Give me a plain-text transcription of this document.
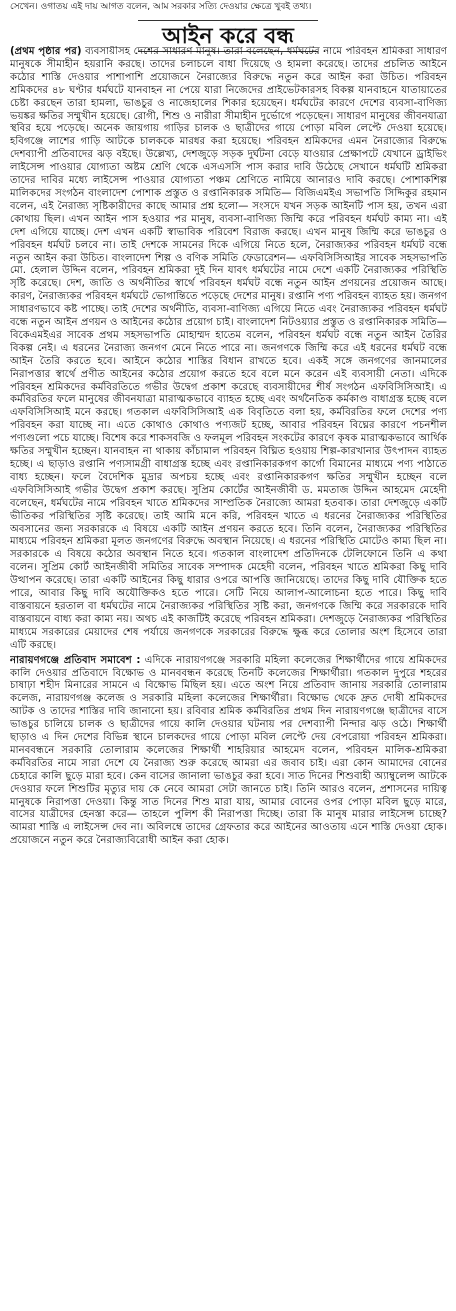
সেখেন। ওগাতয় এই দায় আগত বলেন, আম সরকার সত্যি দেওয়ার ক্ষেত্রে খুবই তথ্য।
আইন করে বন্ধ

(প্রথম পৃষ্ঠার পর) ব্যবসায়ীসহ দেশের সাধারণ মানুষ। তারা বলেছেন, ধর্মঘটের নামে পরিবহন শ্রমিকরা সাধারণ মানুষকে সীমাহীন হয়রানি করছে। তাদের চলাচলে বাধা দিয়েছে ও হামলা করেছে। তাদের প্রচলিত আইনে কঠোর শাস্তি দেওয়ার পাশাপাশি প্রয়োজনে নৈরাজ্যের বিরুদ্ধে নতুন করে আইন করা উচিত। পরিবহন শ্রমিকদের ৪৮ ঘণ্টার ধর্মঘটে যানবাহন না পেয়ে যারা নিজেদের প্রাইভেটকারসহ বিকল্প যানবাহনে যাতায়াতের চেষ্টা করছেন তারা হামলা, ভাঙচুর ও নাজেহালের শিকার হয়েছেন। ধর্মঘটের কারণে দেশের ব্যবসা-বাণিজ্য ভয়ঙ্কর ক্ষতির সম্মুখীন হয়েছে। রোগী, শিশু ও নারীরা সীমাহীন দুর্ভোগে পড়েছেন। সাধারণ মানুষের জীবনযাত্রা স্থবির হয়ে পড়েছে। অনেক জায়গায় গাড়ির চালক ও ছাত্রীদের গায়ে পোড়া মবিল লেপ্টে দেওয়া হয়েছে। হবিগঞ্জে লাশের গাড়ি আটকে চালককে মারধর করা হয়েছে। পরিবহন শ্রমিকদের এমন নৈরাজ্যের বিরুদ্ধে দেশব্যাপী প্রতিবাদের ঝড় বইছে। উল্লেখ্য, দেশজুড়ে সড়ক দুর্ঘটনা বেড়ে যাওয়ার প্রেক্ষাপটে যেখানে ড্রাইভিং লাইসেন্স পাওয়ার যোগ্যতা অষ্টম শ্রেণি থেকে এসএসসি পাস করার দাবি উঠেছে সেখানে ধর্মঘটি শ্রমিকরা তাদের দাবির মধ্যে লাইসেন্স পাওয়ার যোগ্যতা পঞ্চম শ্রেণিতে নামিয়ে আনারও দাবি করছে। পোশাকশিল্প মালিকদের সংগঠন বাংলাদেশ পোশাক প্রস্তুত ও রপ্তানিকারক সমিতি— বিজিএমইএ সভাপতি সিদ্দিকুর রহমান বলেন, এই নৈরাজ্য সৃষ্টিকারীদের কাছে আমার প্রশ্ন হলো— সংসদে যখন সড়ক আইনটি পাস হয়, তখন এরা কোথায় ছিল। এখন আইন পাস হওয়ার পর মানুষ, ব্যবসা-বাণিজ্য জিম্মি করে পরিবহন ধর্মঘট কাম্য না। এই দেশ এগিয়ে যাচ্ছে। দেশ এখন একটি স্বাভাবিক পরিবেশ বিরাজ করছে। এখন মানুষ জিম্মি করে ভাঙচুর ও পরিবহন ধর্মঘট চলবে না। তাই দেশকে সামনের দিকে এগিয়ে নিতে হলে, নৈরাজ্যকর পরিবহন ধর্মঘট বন্ধে নতুন আইন করা উচিত। বাংলাদেশ শিল্প ও বণিক সমিতি ফেডারেশন— এফবিসিসিআইর সাবেক সহসভাপতি মো. হেলাল উদ্দিন বলেন, পরিবহন শ্রমিকরা দুই দিন যাবৎ ধর্মঘটের নামে দেশে একটি নৈরাজ্যকর পরিস্থিতি সৃষ্টি করেছে। দেশ, জাতি ও অর্থনীতির স্বার্থে পরিবহন ধর্মঘট বন্ধে নতুন আইন প্রণয়নের প্রয়োজন আছে। কারণ, নৈরাজ্যকর পরিবহন ধর্মঘটে ভোগান্তিতে পড়েছে দেশের মানুষ। রপ্তানি পণ্য পরিবহন ব্যাহত হয়। জনগণ সাধারণভাবে কষ্ট পাচ্ছে। তাই দেশের অর্থনীতি, ব্যবসা-বাণিজ্য এগিয়ে নিতে এবং নৈরাজ্যকর পরিবহন ধর্মঘট বন্ধে নতুন আইন প্রণয়ন ও আইনের কঠোর প্রয়োগ চাই। বাংলাদেশ নিটওয়্যার প্রস্তুত ও রপ্তানিকারক সমিতি— বিকেএমইএর সাবেক প্রথম সহসভাপতি মোহাম্মদ হাতেম বলেন, পরিবহন ধর্মঘট বন্ধে নতুন আইন তৈরির বিকল্প নেই। এ ধরনের নৈরাজ্য জনগণ মেনে নিতে পারে না। জনগণকে জিম্মি করে এই ধরনের ধর্মঘট বন্ধে আইন তৈরি করতে হবে। আইনে কঠোর শাস্তির বিধান রাখতে হবে। একই সঙ্গে জনগণের জানমালের নিরাপত্তার স্বার্থে প্রণীত আইনের কঠোর প্রয়োগ করতে হবে বলে মনে করেন এই ব্যবসায়ী নেতা। এদিকে পরিবহন শ্রমিকদের কর্মবিরতিতে গভীর উদ্বেগ প্রকাশ করেছে ব্যবসায়ীদের শীর্ষ সংগঠন এফবিসিসিআই। এ কর্মবিরতির ফলে মানুষের জীবনযাত্রা মারাত্মকভাবে ব্যাহত হচ্ছে এবং অর্থনৈতিক কর্মকাণ্ড বাধাগ্রস্ত হচ্ছে বলে এফবিসিসিআই মনে করছে। গতকাল এফবিসিসিআই এক বিবৃতিতে বলা হয়, কর্মবিরতির ফলে দেশের পণ্য পরিবহন করা যাচ্ছে না। এতে কোথাও কোথাও পণ্যজট হচ্ছে, আবার পরিবহন বিঘ্নের কারণে পচনশীল পণ্যগুলো পচে যাচ্ছে। বিশেষ করে শাকসবজি ও ফলমূল পরিবহন সংকটের কারণে কৃষক মারাত্মকভাবে আর্থিক ক্ষতির সম্মুখীন হচ্ছেন। যানবাহন না থাকায় কাঁচামাল পরিবহন বিঘ্নিত হওয়ায় শিল্প-কারখানার উৎপাদন ব্যাহত হচ্ছে। এ ছাড়াও রপ্তানি পণ্যসামগ্রী বাধাগ্রস্ত হচ্ছে এবং রপ্তানিকারকগণ কার্গো বিমানের মাধ্যমে পণ্য পাঠাতে বাধ্য হচ্ছেন। ফলে বৈদেশিক মুদ্রার অপচয় হচ্ছে এবং রপ্তানিকারকগণ ক্ষতির সম্মুখীন হচ্ছেন বলে এফবিসিসিআই গভীর উদ্বেগ প্রকাশ করছে। সুপ্রিম কোর্টের আইনজীবী ড. মমতাজ উদ্দিন আহমেদ মেহেদী বলেছেন, ধর্মঘটের নামে পরিবহন খাতে শ্রমিকদের সাম্প্রতিক নৈরাজ্যে আমরা হতবাক। তারা দেশজুড়ে একটি ভীতিকর পরিস্থিতির সৃষ্টি করেছে। তাই আমি মনে করি, পরিবহন খাতে এ ধরনের নৈরাজ্যকর পরিস্থিতির অবসানের জন্য সরকারকে এ বিষয়ে একটি আইন প্রণয়ন করতে হবে। তিনি বলেন, নৈরাজ্যকর পরিস্থিতির মাধ্যমে পরিবহন শ্রমিকরা মূলত জনগণের বিরুদ্ধে অবস্থান নিয়েছে। এ ধরনের পরিস্থিতি মোটেও কাম্য ছিল না। সরকারকে এ বিষয়ে কঠোর অবস্থান নিতে হবে। গতকাল বাংলাদেশ প্রতিদিনকে টেলিফোনে তিনি এ কথা বলেন। সুপ্রিম কোর্ট আইনজীবী সমিতির সাবেক সম্পাদক মেহেদী বলেন, পরিবহন খাতে শ্রমিকরা কিছু দাবি উত্থাপন করেছে। তারা একটি আইনের কিছু ধারার ওপরে আপত্তি জানিয়েছে। তাদের কিছু দাবি যৌক্তিক হতে পারে, আবার কিছু দাবি অযৌক্তিকও হতে পারে। সেটি নিয়ে আলাপ-আলোচনা হতে পারে। কিছু দাবি বাস্তবায়নে হরতাল বা ধর্মঘটের নামে নৈরাজ্যকর পরিস্থিতির সৃষ্টি করা, জনগণকে জিম্মি করে সরকারকে দাবি বাস্তবায়নে বাধ্য করা কাম্য নয়। অথচ এই কাজটিই করেছে পরিবহন শ্রমিকরা। দেশজুড়ে নৈরাজ্যকর পরিস্থিতির মাধ্যমে সরকারের মেয়াদের শেষ পর্যায়ে জনগণকে সরকারের বিরুদ্ধে ক্ষুব্ধ করে তোলার অংশ হিসেবে তারা এটি করছে।

নারায়ণগঞ্জে প্রতিবাদ সমাবেশ : এদিকে নারায়ণগঞ্জে সরকারি মহিলা কলেজের শিক্ষার্থীদের গায়ে শ্রমিকদের কালি দেওয়ার প্রতিবাদে বিক্ষোভ ও মানববন্ধন করেছে তিনটি কলেজের শিক্ষার্থীরা। গতকাল দুপুরে শহরের চাষাঢ়া শহীদ মিনারের সামনে এ বিক্ষোভ মিছিল হয়। এতে অংশ নিয়ে প্রতিবাদ জানায় সরকারি তোলারাম কলেজ, নারায়ণগঞ্জ কলেজ ও সরকারি মহিলা কলেজের শিক্ষার্থীরা। বিক্ষোভ থেকে দ্রুত দোষী শ্রমিকদের আটক ও তাদের শাস্তির দাবি জানানো হয়। রবিবার শ্রমিক কর্মবিরতির প্রথম দিন নারায়ণগঞ্জে ছাত্রীদের বাসে ভাঙচুর চালিয়ে চালক ও ছাত্রীদের গায়ে কালি দেওয়ার ঘটনায় পর দেশব্যাপী নিন্দার ঝড় ওঠে। শিক্ষার্থী ছাড়াও এ দিন দেশের বিভিন্ন স্থানে চালকদের গায়ে পোড়া মবিল লেপ্টে দেয় বেপরোয়া পরিবহন শ্রমিকরা। মানববন্ধনে সরকারি তোলারাম কলেজের শিক্ষার্থী শাহরিয়ার আহমেদ বলেন, পরিবহন মালিক-শ্রমিকরা কর্মবিরতির নামে সারা দেশে যে নৈরাজ্য শুরু করেছে আমরা এর জবাব চাই। এরা কোন আমাদের বোনের চেহারে কালি ছুড়ে মারা হবে। কেন বাসের জানালা ভাঙচুর করা হবে। সাত দিনের শিশুবাহী অ্যাম্বুলেন্স আটকে দেওয়ার ফলে শিশুটির মৃত্যুর দায় কে নেবে আমরা সেটা জানতে চাই। তিনি আরও বলেন, প্রশাসনের দায়িত্ব মানুষকে নিরাপত্তা দেওয়া। কিন্তু সাত দিনের শিশু মারা যায়, আমার বোনের ওপর পোড়া মবিল ছুড়ে মারে, বাসের যাত্রীদের হেনস্তা করে— তাহলে পুলিশ কী নিরাপত্তা দিচ্ছে। তারা কি মানুষ মারার লাইসেন্স চাচ্ছে? আমরা শাস্তি এ লাইসেন্স দেব না। অবিলম্বে তাদের গ্রেফতার করে আইনের আওতায় এনে শাস্তি দেওয়া হোক। প্রয়োজনে নতুন করে নৈরাজ্যবিরোধী আইন করা হোক।
